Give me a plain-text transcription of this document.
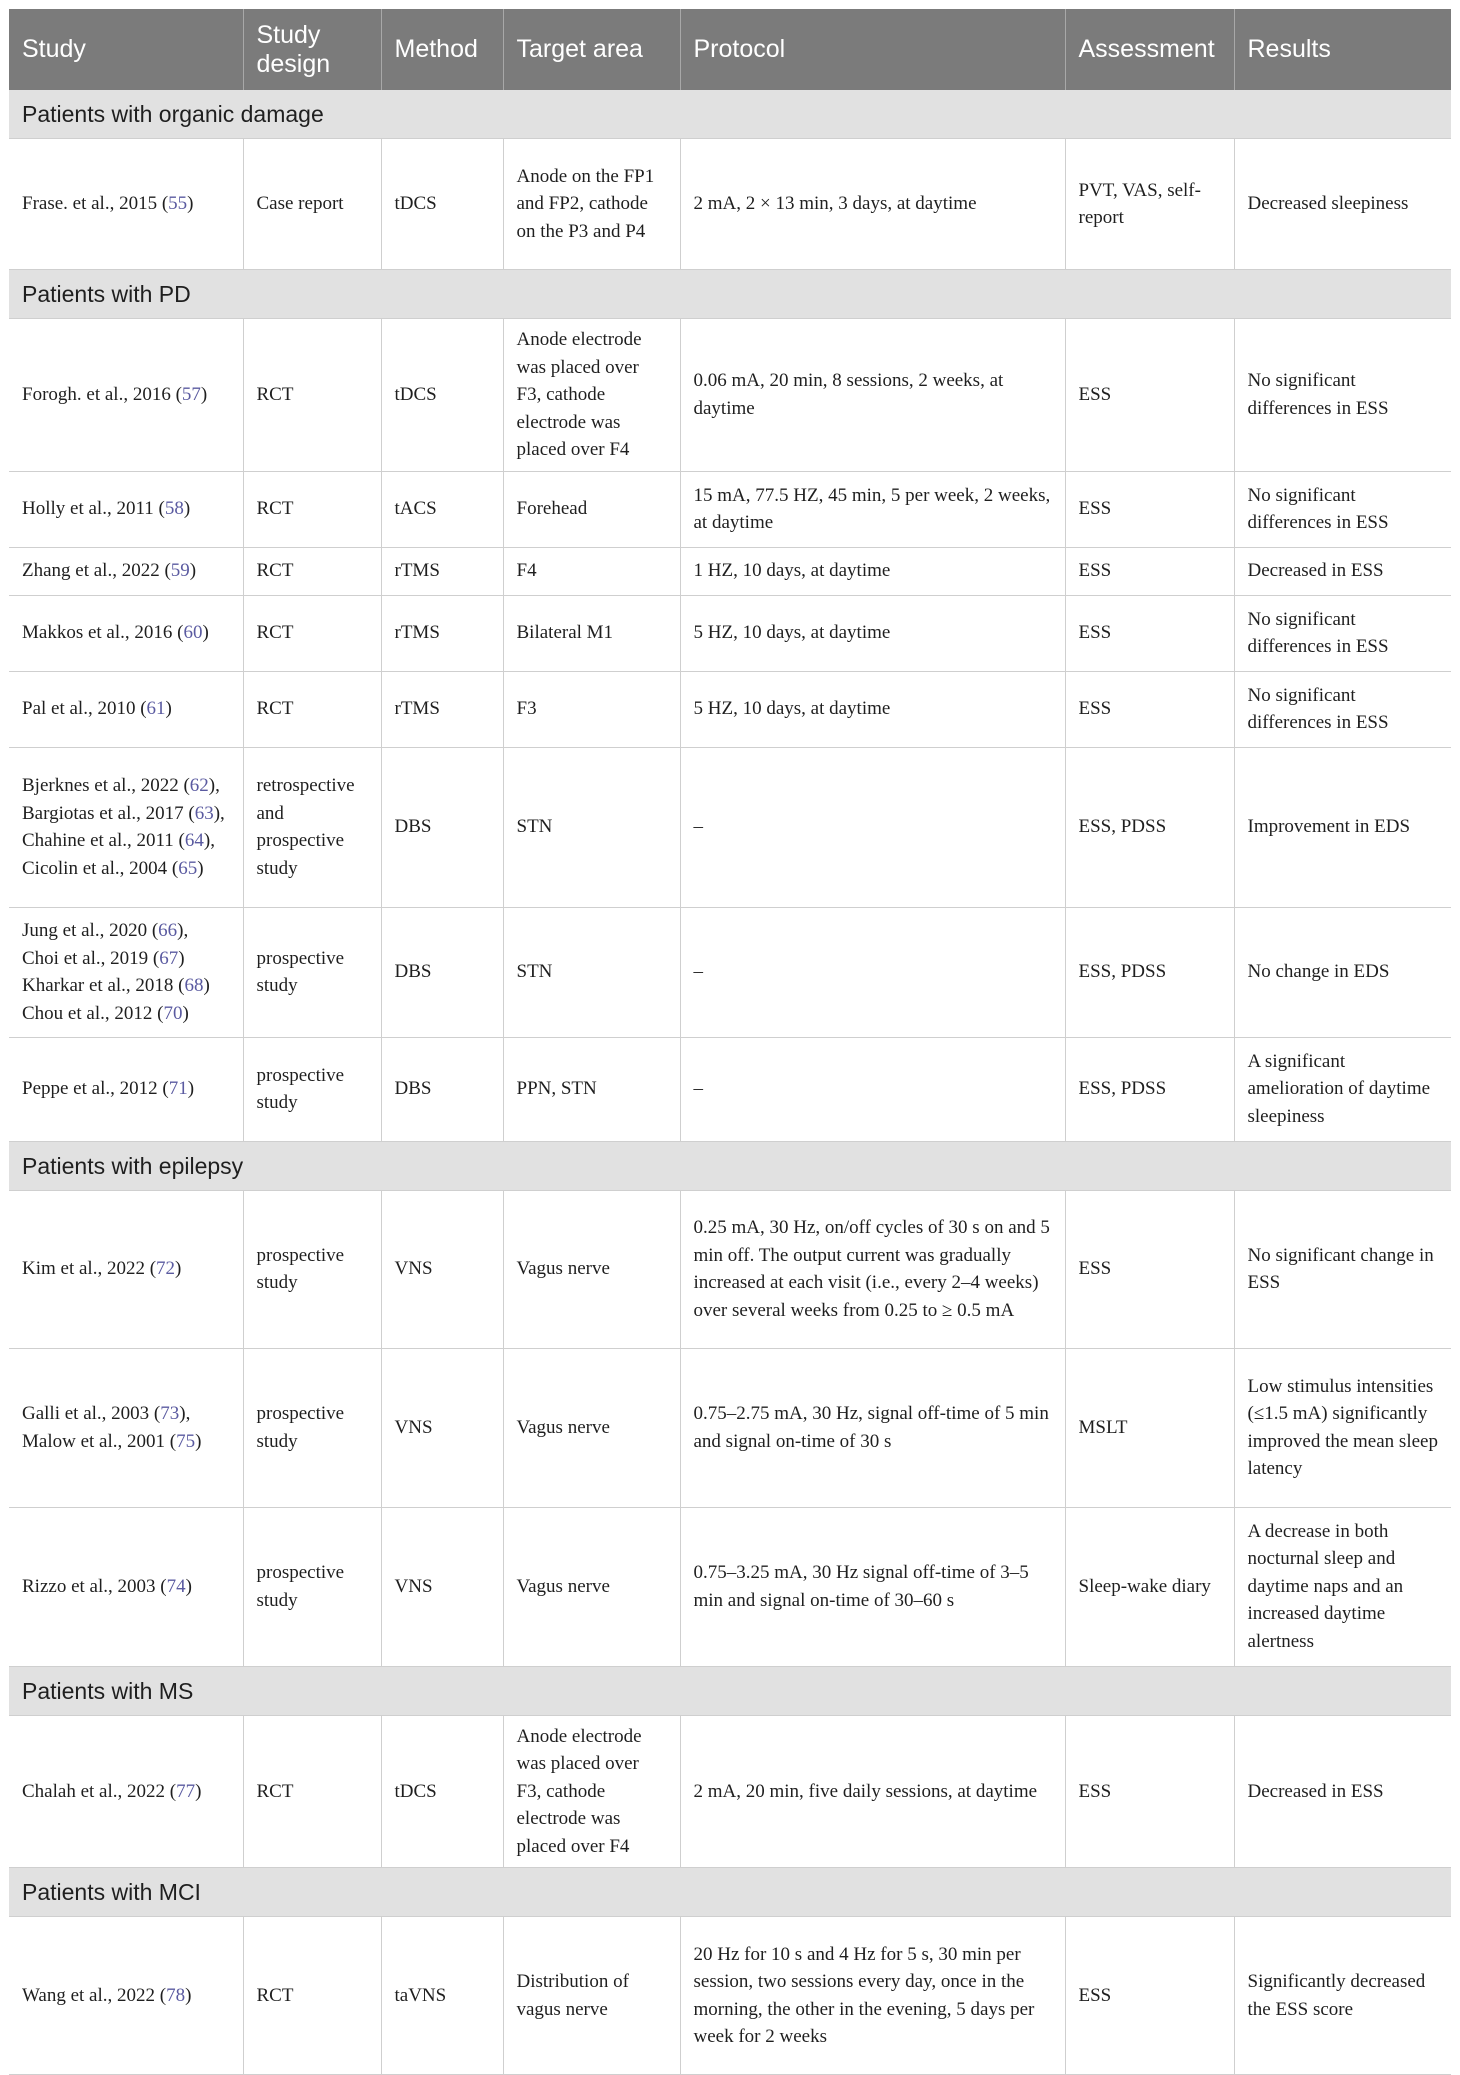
Study	Study design	Method	Target area	Protocol	Assessment	Results
Patients with organic damage						
Frase. et al., 2015 (55)	Case report	tDCS	Anode on the FP1 and FP2, cathode on the P3 and P4	2 mA, 2 × 13 min, 3 days, at daytime	PVT, VAS, self-report	Decreased sleepiness
Patients with PD						
Forogh. et al., 2016 (57)	RCT	tDCS	Anode electrode was placed over F3, cathode electrode was placed over F4	0.06 mA, 20 min, 8 sessions, 2 weeks, at daytime	ESS	No significant differences in ESS
Holly et al., 2011 (58)	RCT	tACS	Forehead	15 mA, 77.5 HZ, 45 min, 5 per week, 2 weeks, at daytime	ESS	No significant differences in ESS
Zhang et al., 2022 (59)	RCT	rTMS	F4	1 HZ, 10 days, at daytime	ESS	Decreased in ESS
Makkos et al., 2016 (60)	RCT	rTMS	Bilateral M1	5 HZ, 10 days, at daytime	ESS	No significant differences in ESS
Pal et al., 2010 (61)	RCT	rTMS	F3	5 HZ, 10 days, at daytime	ESS	No significant differences in ESS
Bjerknes et al., 2022 (62), Bargiotas et al., 2017 (63), Chahine et al., 2011 (64), Cicolin et al., 2004 (65)	retrospective and prospective study	DBS	STN	–	ESS, PDSS	Improvement in EDS
Jung et al., 2020 (66), Choi et al., 2019 (67) Kharkar et al., 2018 (68) Chou et al., 2012 (70)	prospective study	DBS	STN	–	ESS, PDSS	No change in EDS
Peppe et al., 2012 (71)	prospective study	DBS	PPN, STN	–	ESS, PDSS	A significant amelioration of daytime sleepiness
Patients with epilepsy						
Kim et al., 2022 (72)	prospective study	VNS	Vagus nerve	0.25 mA, 30 Hz, on/off cycles of 30 s on and 5 min off. The output current was gradually increased at each visit (i.e., every 2–4 weeks) over several weeks from 0.25 to ≥ 0.5 mA	ESS	No significant change in ESS
Galli et al., 2003 (73), Malow et al., 2001 (75)	prospective study	VNS	Vagus nerve	0.75–2.75 mA, 30 Hz, signal off-time of 5 min and signal on-time of 30 s	MSLT	Low stimulus intensities (≤1.5 mA) significantly improved the mean sleep latency
Rizzo et al., 2003 (74)	prospective study	VNS	Vagus nerve	0.75–3.25 mA, 30 Hz signal off-time of 3–5 min and signal on-time of 30–60 s	Sleep-wake diary	A decrease in both nocturnal sleep and daytime naps and an increased daytime alertness
Patients with MS						
Chalah et al., 2022 (77)	RCT	tDCS	Anode electrode was placed over F3, cathode electrode was placed over F4	2 mA, 20 min, five daily sessions, at daytime	ESS	Decreased in ESS
Patients with MCI						
Wang et al., 2022 (78)	RCT	taVNS	Distribution of vagus nerve	20 Hz for 10 s and 4 Hz for 5 s, 30 min per session, two sessions every day, once in the morning, the other in the evening, 5 days per week for 2 weeks	ESS	Significantly decreased the ESS score
